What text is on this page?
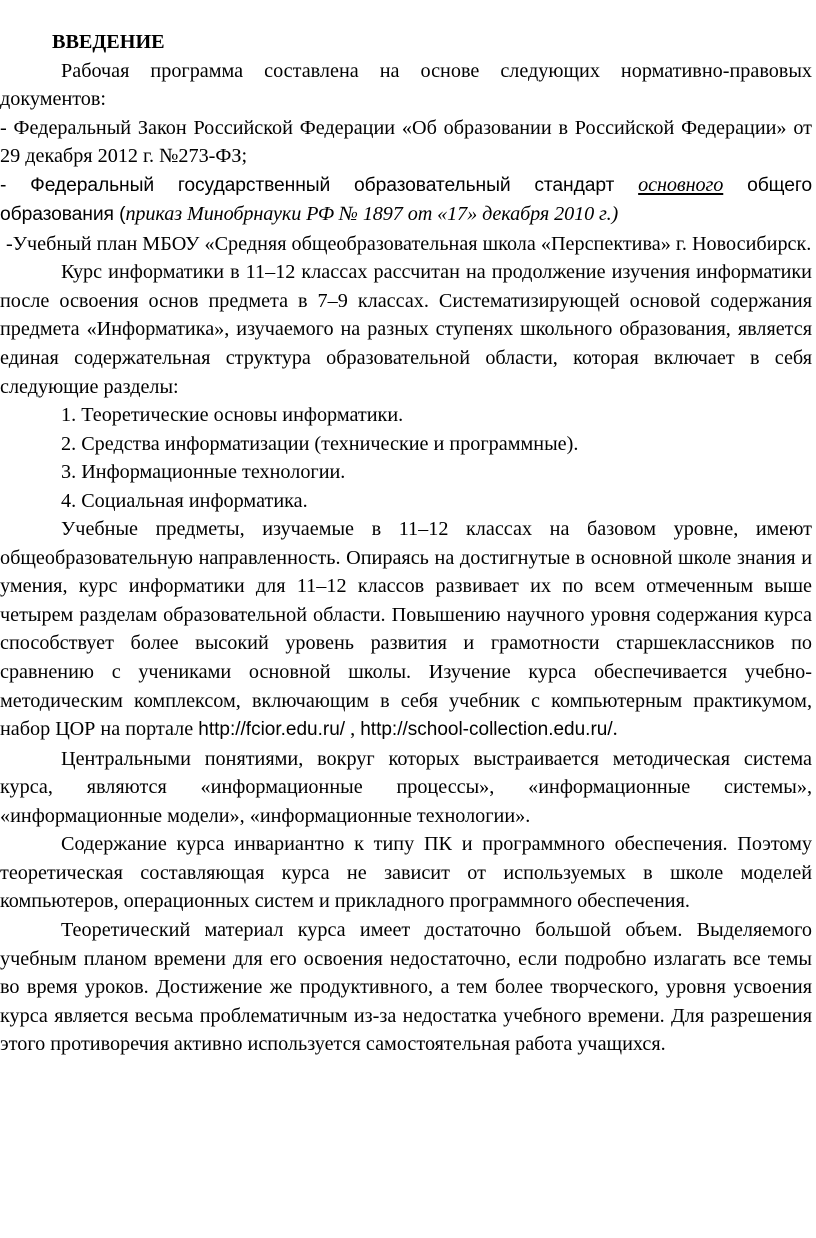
ВВЕДЕНИЕ

Рабочая программа составлена на основе следующих нормативно-правовых документов:

- Федеральный Закон Российской Федерации «Об образовании в Российской Федерации» от 29 декабря 2012 г. №273-ФЗ;

- Федеральный государственный образовательный стандарт основного общего образования (приказ Минобрнауки РФ № 1897 от «17» декабря 2010 г.)

-Учебный план МБОУ «Средняя общеобразовательная школа «Перспектива» г. Новосибирск.

Курс информатики в 11–12 классах рассчитан на продолжение изучения информатики после освоения основ предмета в 7–9 классах. Систематизирующей основой содержания предмета «Информатика», изучаемого на разных ступенях школьного образования, является единая содержательная структура образовательной области, которая включает в себя следующие разделы:

1. Теоретические основы информатики.

2. Средства информатизации (технические и программные).

3. Информационные технологии.

4. Социальная информатика.

Учебные предметы, изучаемые в 11–12 классах на базовом уровне, имеют общеобразовательную направленность. Опираясь на достигнутые в основной школе знания и умения, курс информатики для 11–12 классов развивает их по всем отмеченным выше четырем разделам образовательной области. Повышению научного уровня содержания курса способствует более высокий уровень развития и грамотности старшеклассников по сравнению с учениками основной школы. Изучение курса обеспечивается учебно-методическим комплексом, включающим в себя учебник с компьютерным практикумом, набор ЦОР на портале http://fcior.edu.ru/ , http://school-collection.edu.ru/.

Центральными понятиями, вокруг которых выстраивается методическая система курса, являются «информационные процессы», «информационные системы», «информационные модели», «информационные технологии».

Содержание курса инвариантно к типу ПК и программного обеспечения. Поэтому теоретическая составляющая курса не зависит от используемых в школе моделей компьютеров, операционных систем и прикладного программного обеспечения.

Теоретический материал курса имеет достаточно большой объем. Выделяемого учебным планом времени для его освоения недостаточно, если подробно излагать все темы во время уроков. Достижение же продуктивного, а тем более творческого, уровня усвоения курса является весьма проблематичным из-за недостатка учебного времени. Для разрешения этого противоречия активно используется самостоятельная работа учащихся.
